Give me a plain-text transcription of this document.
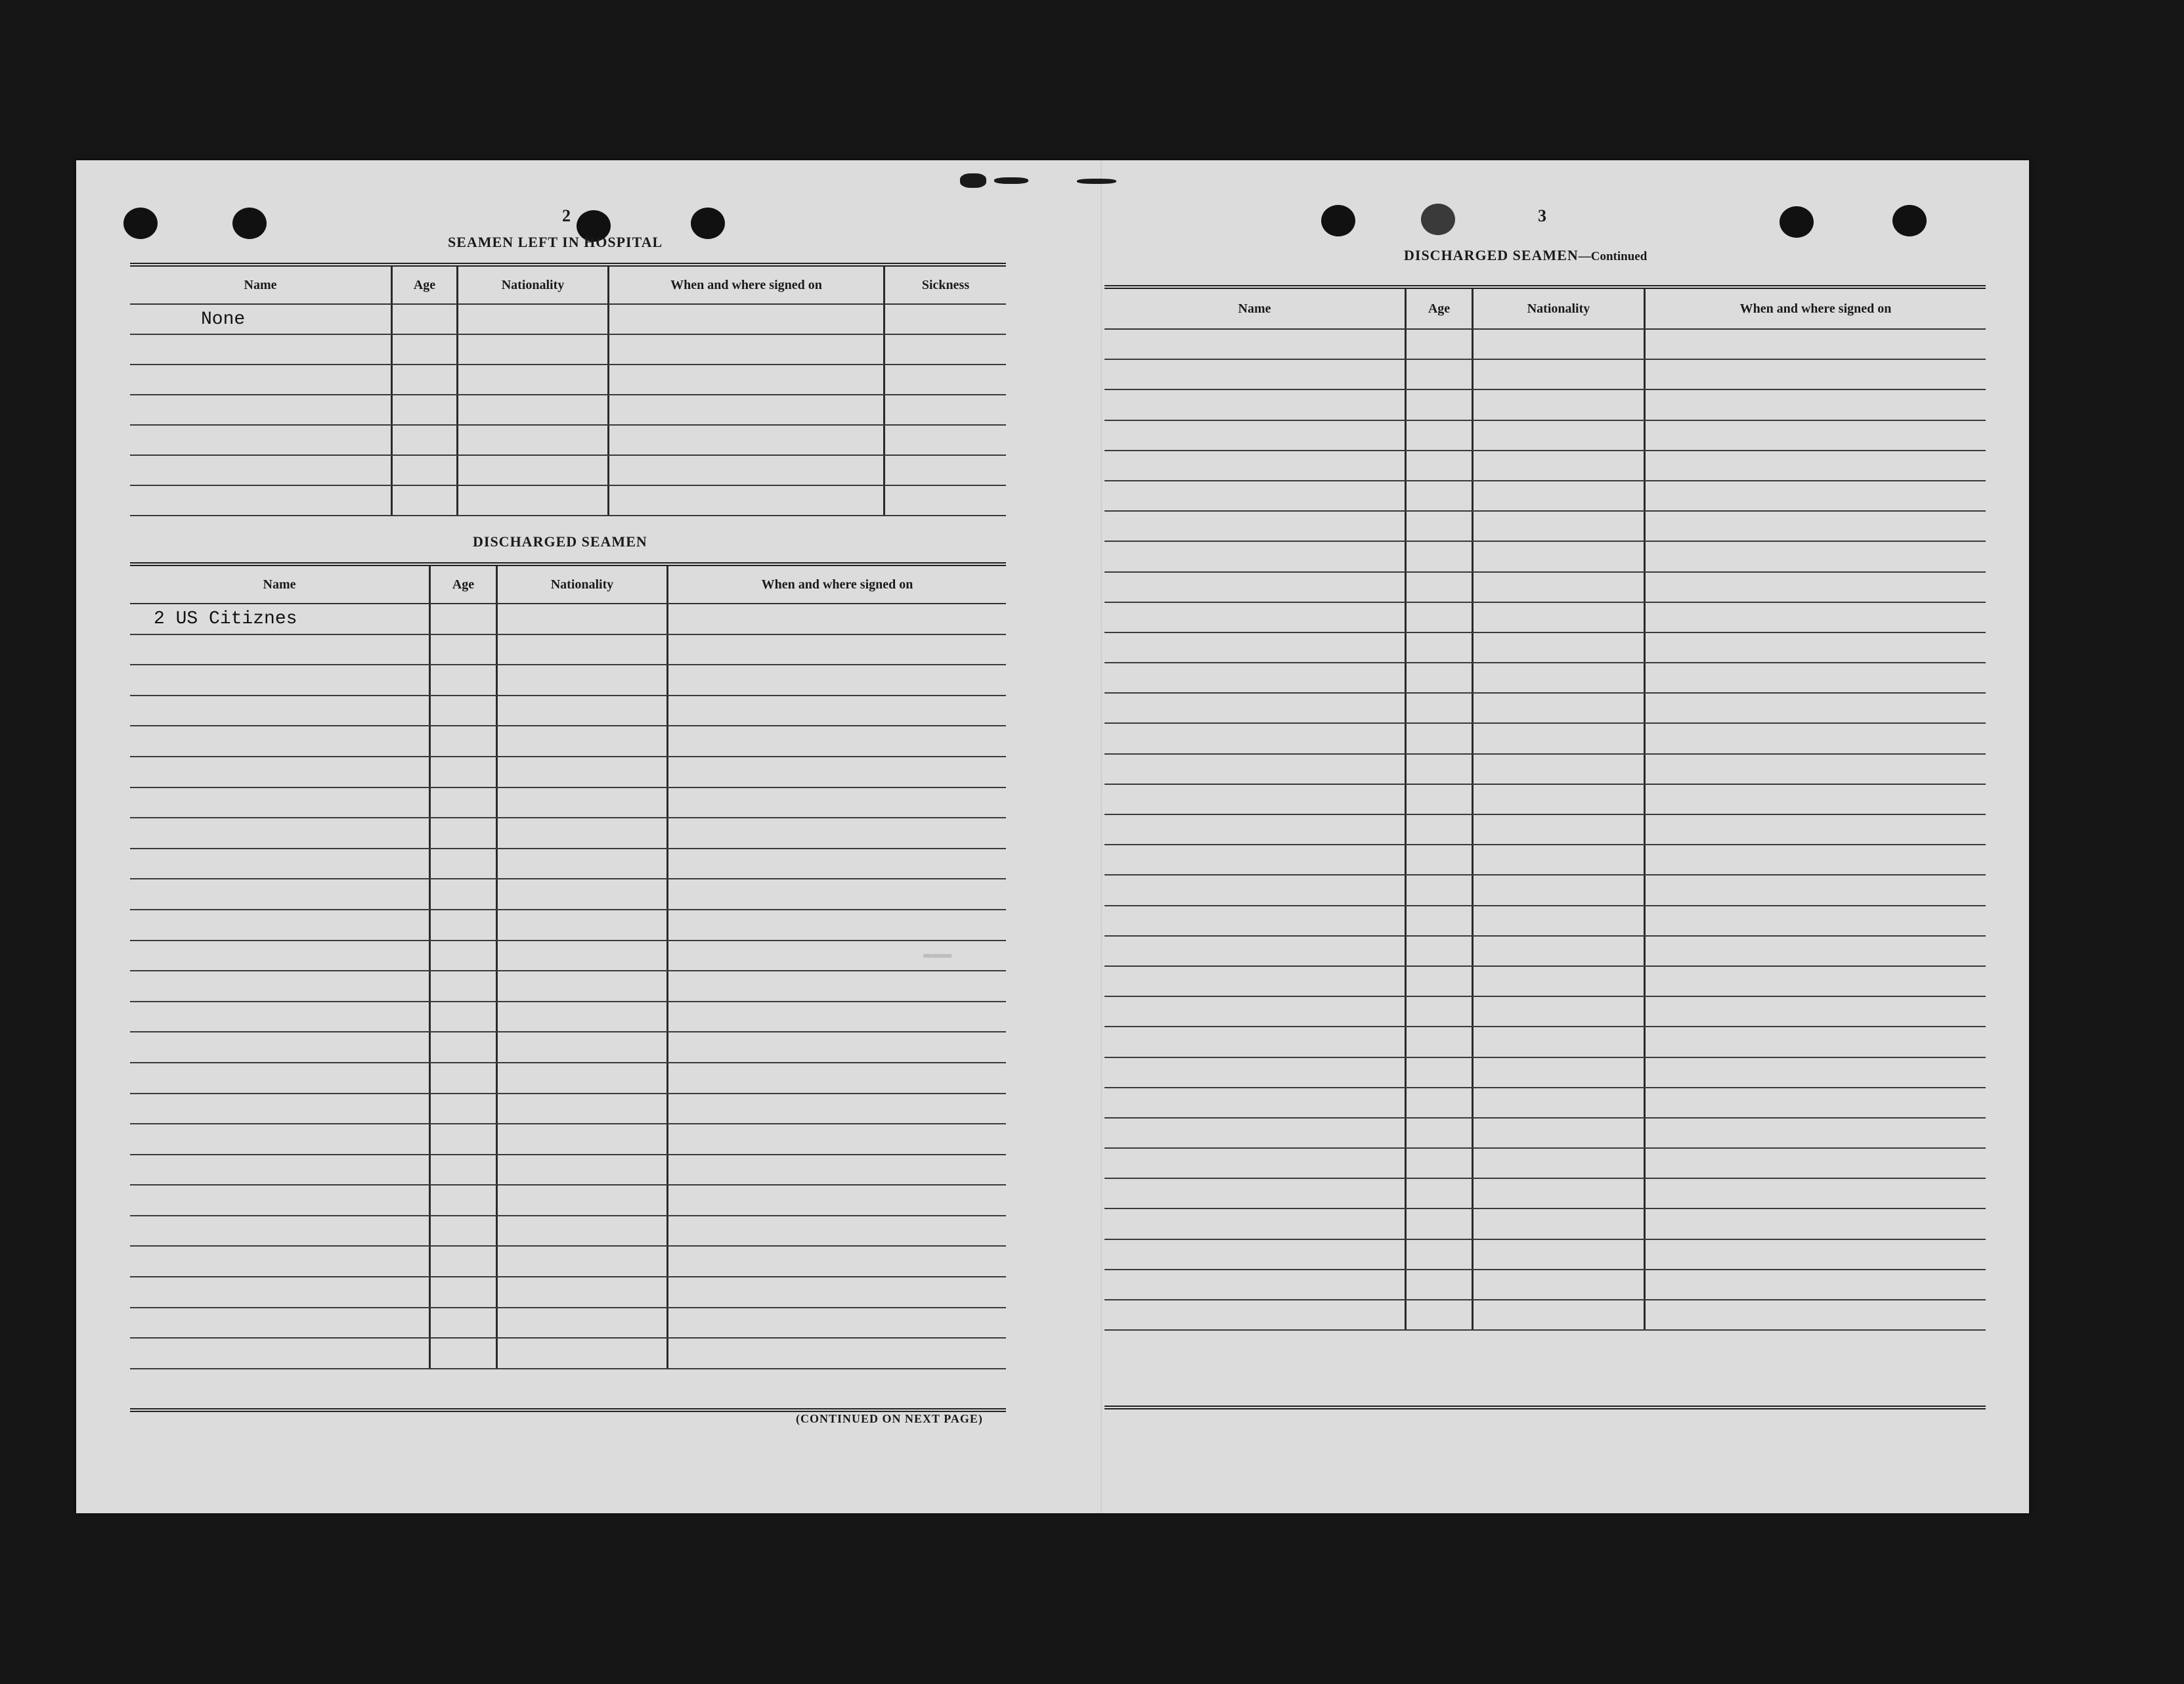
2
SEAMEN LEFT IN HOSPITAL
Name	Age	Nationality	When and where signed on	Sickness
None
DISCHARGED SEAMEN
Name	Age	Nationality	When and where signed on
2 US Citiznes
(CONTINUED ON NEXT PAGE)
▬▬▬
3
DISCHARGED SEAMEN—Continued
Name	Age	Nationality	When and where signed on
